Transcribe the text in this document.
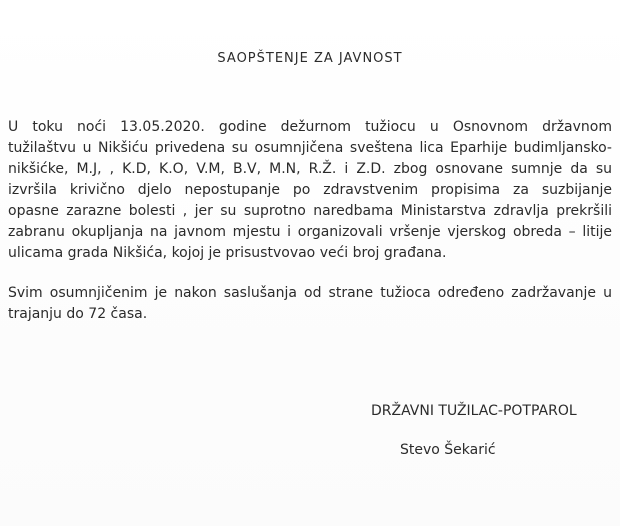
SAOPŠTENJE ZA JAVNOST
U toku noći 13.05.2020. godine dežurnom tužiocu u Osnovnom državnom
tužilaštvu u Nikšiću privedena su osumnjičena sveštena lica Eparhije budimljansko-
nikšićke, M.J, , K.D, K.O, V.M, B.V, M.N, R.Ž. i Z.D. zbog osnovane sumnje da su
izvršila krivično djelo nepostupanje po zdravstvenim propisima za suzbijanje
opasne zarazne bolesti , jer su suprotno naredbama Ministarstva zdravlja prekršili
zabranu okupljanja na javnom mjestu i organizovali vršenje vjerskog obreda – litije
ulicama grada Nikšića, kojoj je prisustvovao veći broj građana.
Svim osumnjičenim je nakon saslušanja od strane tužioca određeno zadržavanje u
trajanju do 72 časa.
DRŽAVNI TUŽILAC-POTPAROL
Stevo Šekarić
